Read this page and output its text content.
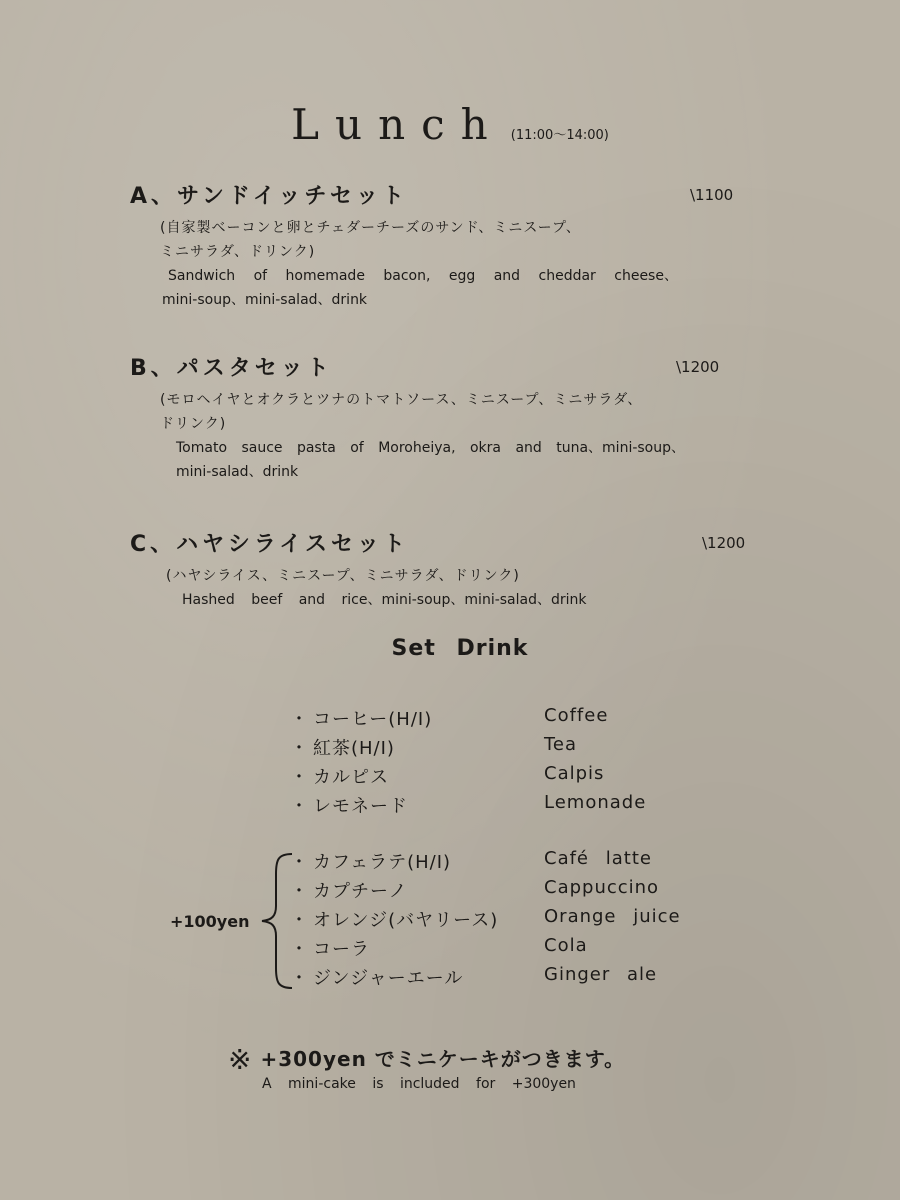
Lunch (11:00〜14:00)
A、サンドイッチセット	\1100
(自家製ベーコンと卵とチェダーチーズのサンド、ミニスープ、
ミニサラダ、ドリンク)
Sandwich of homemade bacon, egg and cheddar cheese、
mini-soup、mini-salad、drink
B、パスタセット	\1200
(モロヘイヤとオクラとツナのトマトソース、ミニスープ、ミニサラダ、
ドリンク)
Tomato sauce pasta of Moroheiya, okra and tuna、mini-soup、
mini-salad、drink
C、ハヤシライスセット	\1200
(ハヤシライス、ミニスープ、ミニサラダ、ドリンク)
Hashed beef and rice、mini-soup、mini-salad、drink
Set Drink
・ コーヒー(H/I)	Coffee
・ 紅茶(H/I)	Tea
・ カルピス	Calpis
・ レモネード	Lemonade
+100yen
・ カフェラテ(H/I)	Café latte
・ カプチーノ	Cappuccino
・ オレンジ(バヤリース)	Orange juice
・ コーラ	Cola
・ ジンジャーエール	Ginger ale
※ +300yen でミニケーキがつきます。
A mini-cake is included for +300yen
